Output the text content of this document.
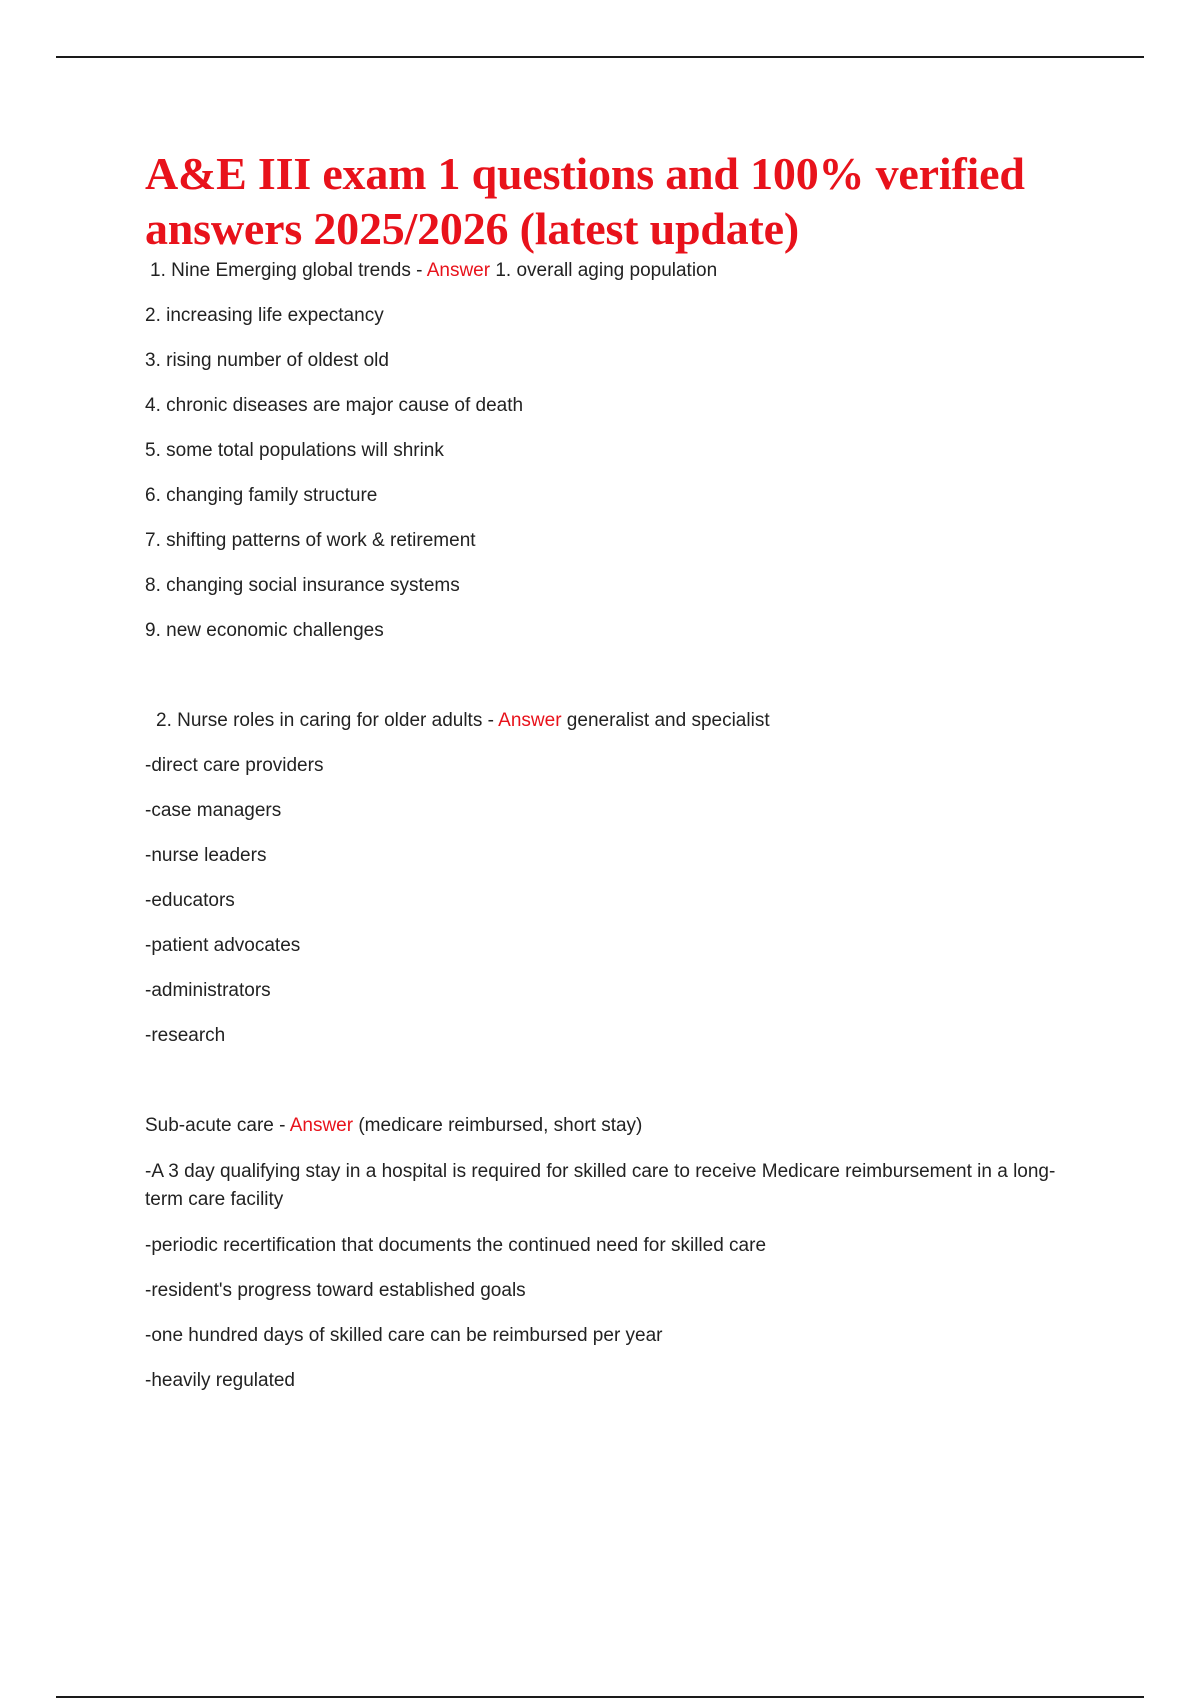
A&E III exam 1 questions and 100% verified answers 2025/2026 (latest update)

1. Nine Emerging global trends - Answer 1. overall aging population

2. increasing life expectancy

3. rising number of oldest old

4. chronic diseases are major cause of death

5. some total populations will shrink

6. changing family structure

7. shifting patterns of work & retirement

8. changing social insurance systems

9. new economic challenges

2. Nurse roles in caring for older adults - Answer generalist and specialist

-direct care providers

-case managers

-nurse leaders

-educators

-patient advocates

-administrators

-research

Sub-acute care - Answer (medicare reimbursed, short stay)

-A 3 day qualifying stay in a hospital is required for skilled care to receive Medicare reimbursement in a long-term care facility

-periodic recertification that documents the continued need for skilled care

-resident's progress toward established goals

-one hundred days of skilled care can be reimbursed per year

-heavily regulated
